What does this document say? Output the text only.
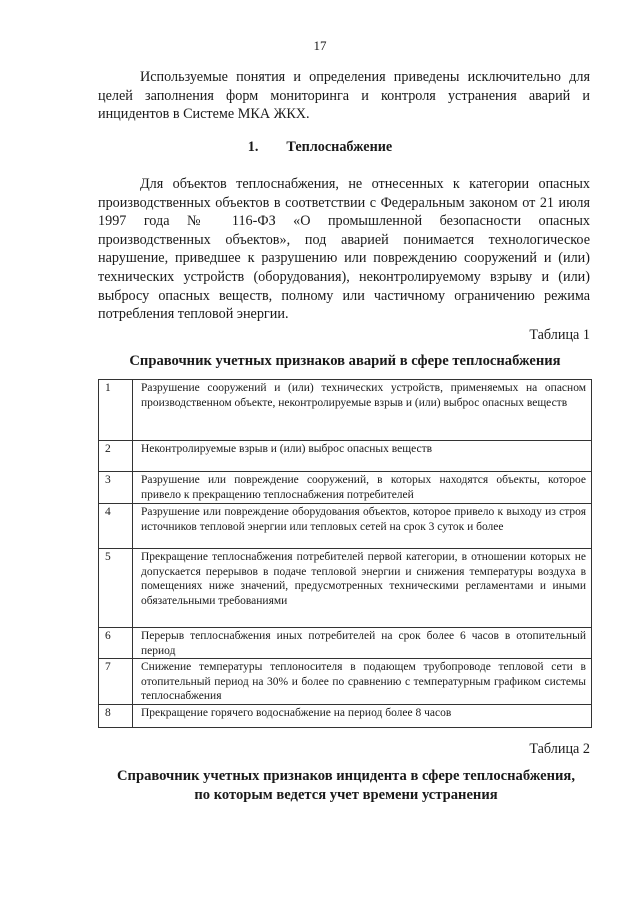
17

Используемые понятия и определения приведены исключительно для целей заполнения форм мониторинга и контроля устранения аварий и инцидентов в Системе МКА ЖКХ.

1. Теплоснабжение

Для объектов теплоснабжения, не отнесенных к категории опасных производственных объектов в соответствии с Федеральным законом от 21 июля 1997 года № 116-ФЗ «О промышленной безопасности опасных производственных объектов», под аварией понимается технологическое нарушение, приведшее к разрушению или повреждению сооружений и (или) технических устройств (оборудования), неконтролируемому взрыву и (или) выбросу опасных веществ, полному или частичному ограничению режима потребления тепловой энергии.

Таблица 1
Справочник учетных признаков аварий в сфере теплоснабжения
1	Разрушение сооружений и (или) технических устройств, применяемых на опасном производственном объекте, неконтролируемые взрыв и (или) выброс опасных веществ
2	Неконтролируемые взрыв и (или) выброс опасных веществ
3	Разрушение или повреждение сооружений, в которых находятся объекты, которое привело к прекращению теплоснабжения потребителей
4	Разрушение или повреждение оборудования объектов, которое привело к выходу из строя источников тепловой энергии или тепловых сетей на срок 3 суток и более
5	Прекращение теплоснабжения потребителей первой категории, в отношении которых не допускается перерывов в подаче тепловой энергии и снижения температуры воздуха в помещениях ниже значений, предусмотренных техническими регламентами и иными обязательными требованиями
6	Перерыв теплоснабжения иных потребителей на срок более 6 часов в отопительный период
7	Снижение температуры теплоносителя в подающем трубопроводе тепловой сети в отопительный период на 30% и более по сравнению с температурным графиком системы теплоснабжения
8	Прекращение горячего водоснабжение на период более 8 часов
Таблица 2
Справочник учетных признаков инцидента в сфере теплоснабжения,
по которым ведется учет времени устранения
